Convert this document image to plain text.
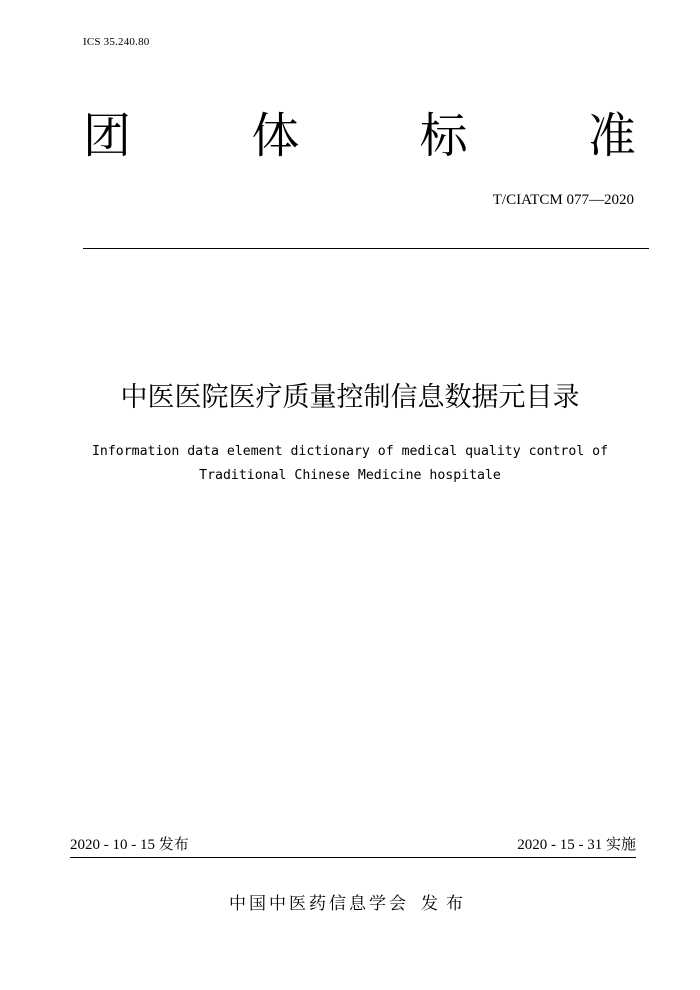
ICS 35.240.80
团	体	标	准
T/CIATCM 077—2020
中医医院医疗质量控制信息数据元目录
Information data element dictionary of medical quality control of
Traditional Chinese Medicine hospitale
2020 - 10 - 15 发布	2020 - 15 - 31 实施
中国中医药信息学会 发布
